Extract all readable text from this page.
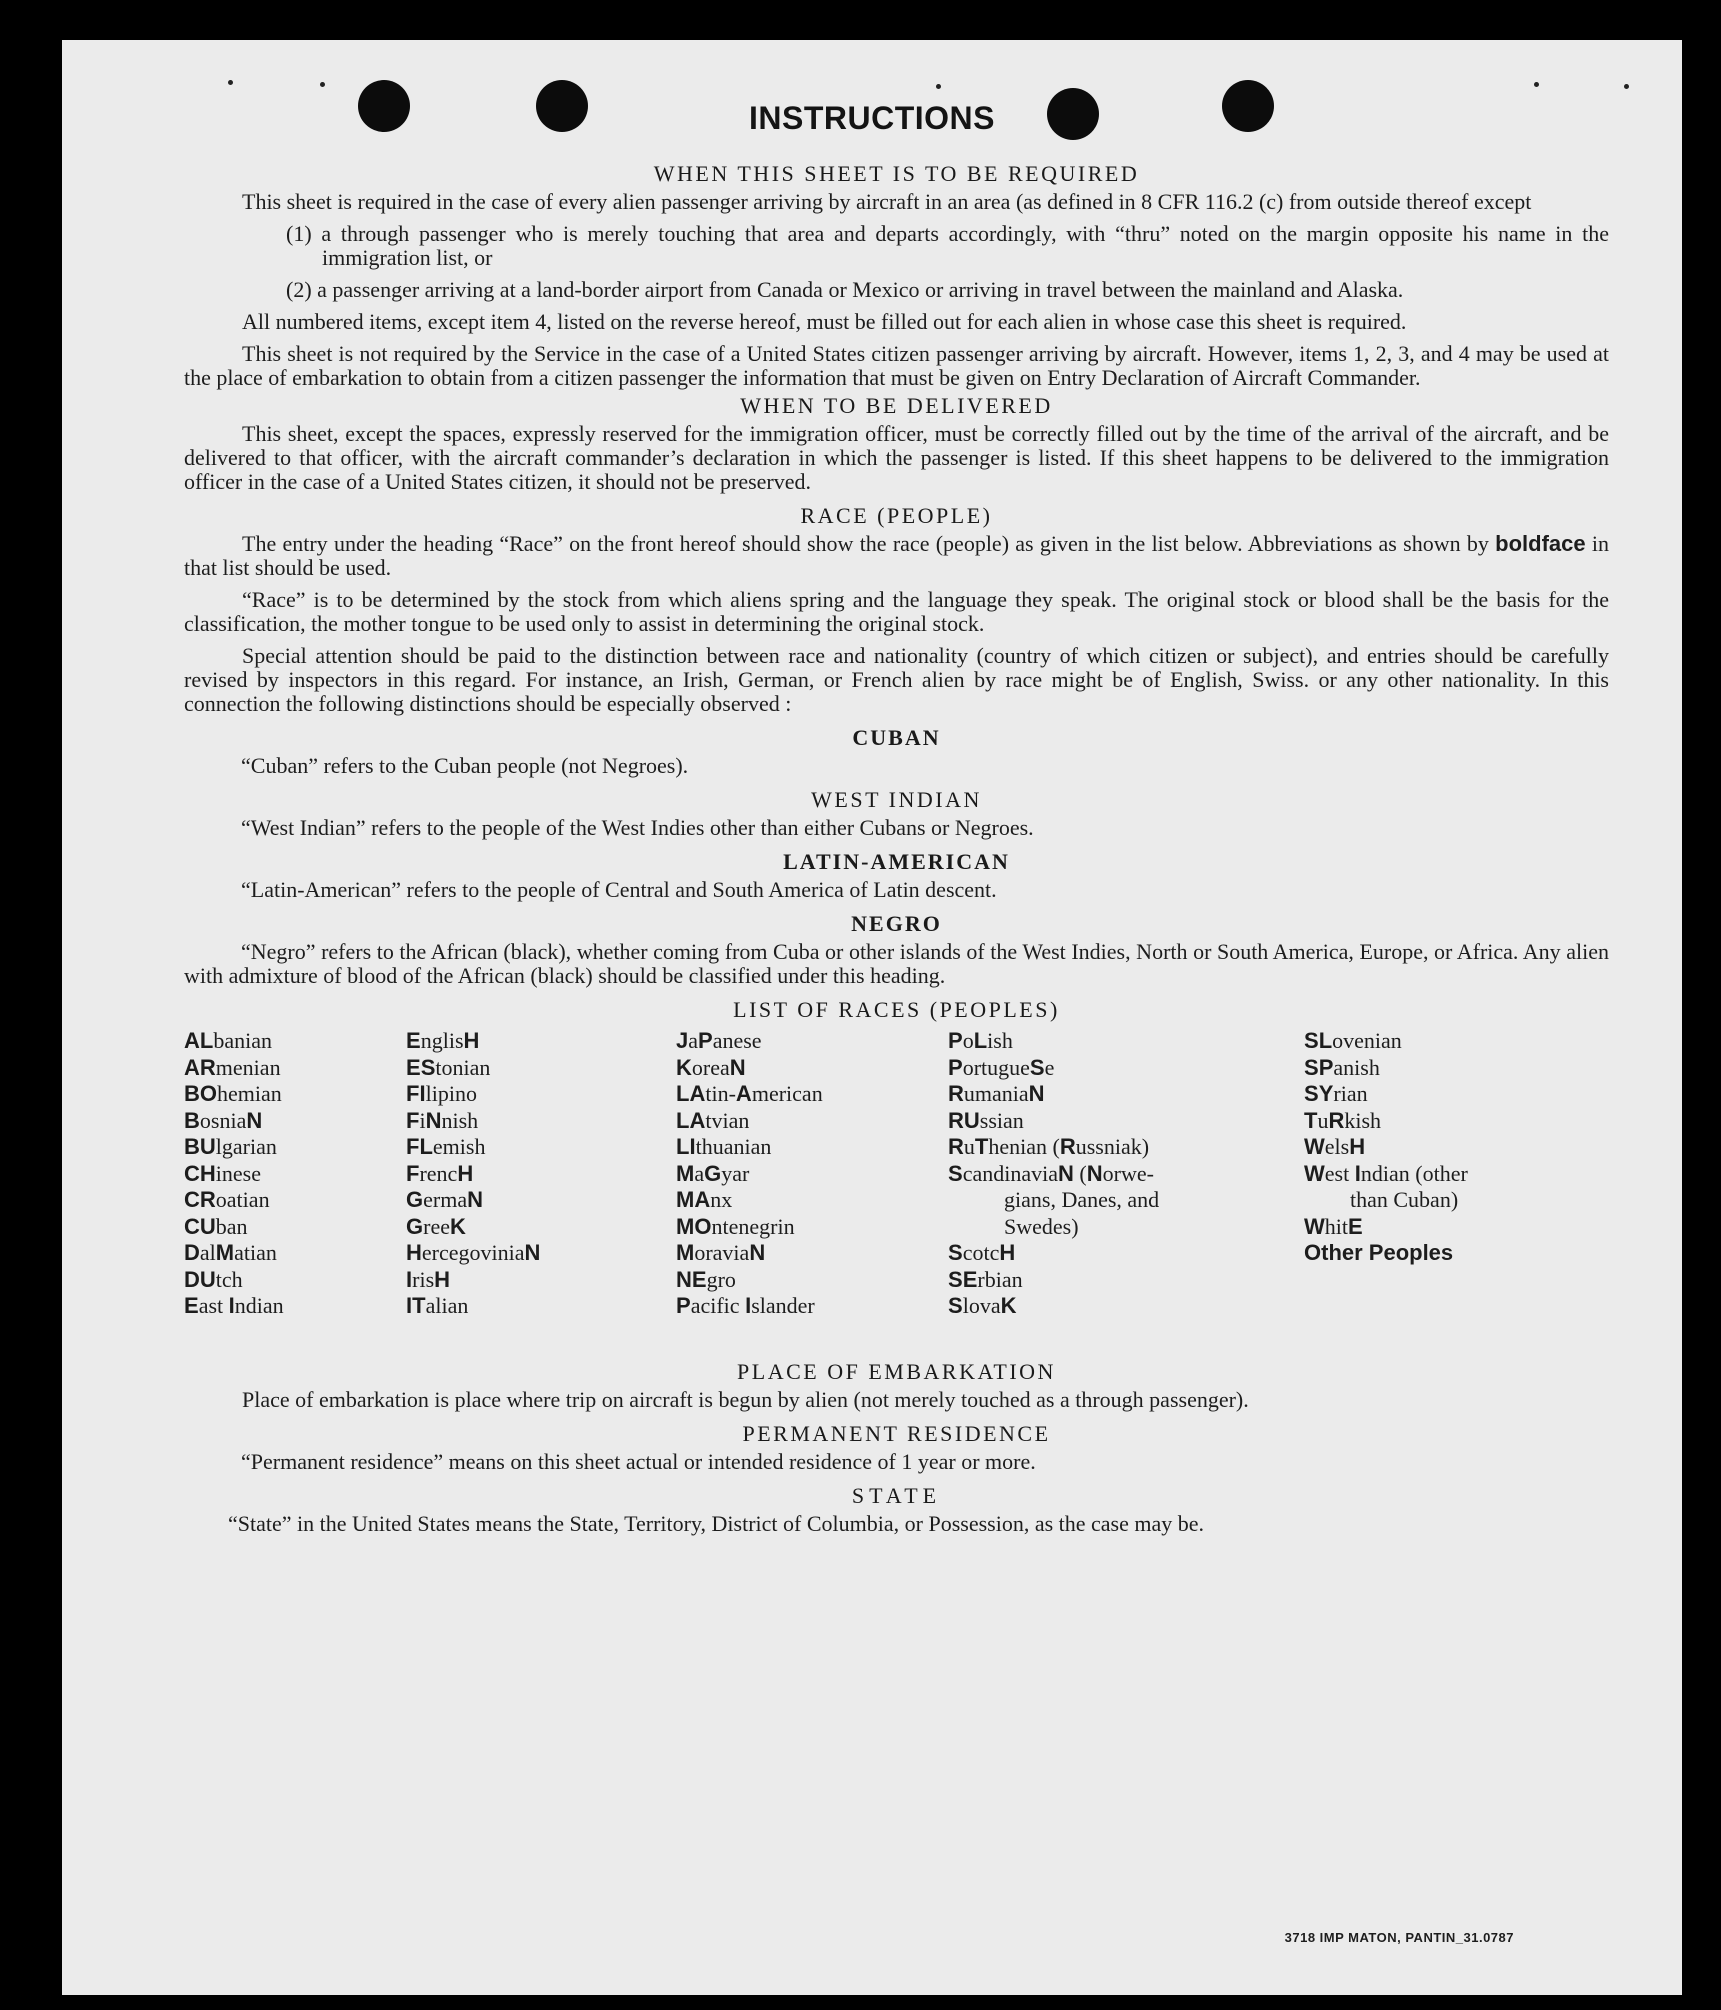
INSTRUCTIONS
WHEN THIS SHEET IS TO BE REQUIRED

This sheet is required in the case of every alien passenger arriving by aircraft in an area (as defined in 8 CFR 116.2 (c) from outside thereof except

(1) a through passenger who is merely touching that area and departs accordingly, with “thru” noted on the margin opposite his name in the immigration list, or

(2) a passenger arriving at a land-border airport from Canada or Mexico or arriving in travel between the mainland and Alaska.

All numbered items, except item 4, listed on the reverse hereof, must be filled out for each alien in whose case this sheet is required.

This sheet is not required by the Service in the case of a United States citizen passenger arriving by aircraft. However, items 1, 2, 3, and 4 may be used at the place of embarkation to obtain from a citizen passenger the information that must be given on Entry Declaration of Aircraft Commander.

WHEN TO BE DELIVERED

This sheet, except the spaces, expressly reserved for the immigration officer, must be correctly filled out by the time of the arrival of the aircraft, and be delivered to that officer, with the aircraft commander’s declaration in which the passenger is listed. If this sheet happens to be delivered to the immigration officer in the case of a United States citizen, it should not be preserved.

RACE (PEOPLE)

The entry under the heading “Race” on the front hereof should show the race (people) as given in the list below. Abbreviations as shown by boldface in that list should be used.

“Race” is to be determined by the stock from which aliens spring and the language they speak. The original stock or blood shall be the basis for the classification, the mother tongue to be used only to assist in determining the original stock.

Special attention should be paid to the distinction between race and nationality (country of which citizen or subject), and entries should be carefully revised by inspectors in this regard. For instance, an Irish, German, or French alien by race might be of English, Swiss. or any other nationality. In this connection the following distinctions should be especially observed :

CUBAN

“Cuban” refers to the Cuban people (not Negroes).

WEST INDIAN

“West Indian” refers to the people of the West Indies other than either Cubans or Negroes.

LATIN-AMERICAN

“Latin-American” refers to the people of Central and South America of Latin descent.

NEGRO

“Negro” refers to the African (black), whether coming from Cuba or other islands of the West Indies, North or South America, Europe, or Africa. Any alien with admixture of blood of the African (black) should be classified under this heading.

LIST OF RACES (PEOPLES)
ALbanian
ARmenian
BOhemian
BosniaN
BUlgarian
CHinese
CRoatian
CUban
DalMatian
DUtch
East Indian
EnglisH
EStonian
FIlipino
FiNnish
FLemish
FrencH
GermaN
GreeK
HercegoviniaN
IrisH
ITalian
JaPanese
KoreaN
LAtin-American
LAtvian
LIthuanian
MaGyar
MAnx
MOntenegrin
MoraviaN
NEgro
Pacific Islander
PoLish
PortugueSe
RumaniaN
RUssian
RuThenian (Russniak)
ScandinaviaN (Norwe-
gians, Danes, and
Swedes)
ScotcH
SErbian
SlovaK
SLovenian
SPanish
SYrian
TuRkish
WelsH
West Indian (other
than Cuban)
WhitE
Other Peoples
PLACE OF EMBARKATION

Place of embarkation is place where trip on aircraft is begun by alien (not merely touched as a through passenger).

PERMANENT RESIDENCE

“Permanent residence” means on this sheet actual or intended residence of 1 year or more.

STATE

“State” in the United States means the State, Territory, District of Columbia, or Possession, as the case may be.

3718 IMP MATON, PANTIN_31.0787
